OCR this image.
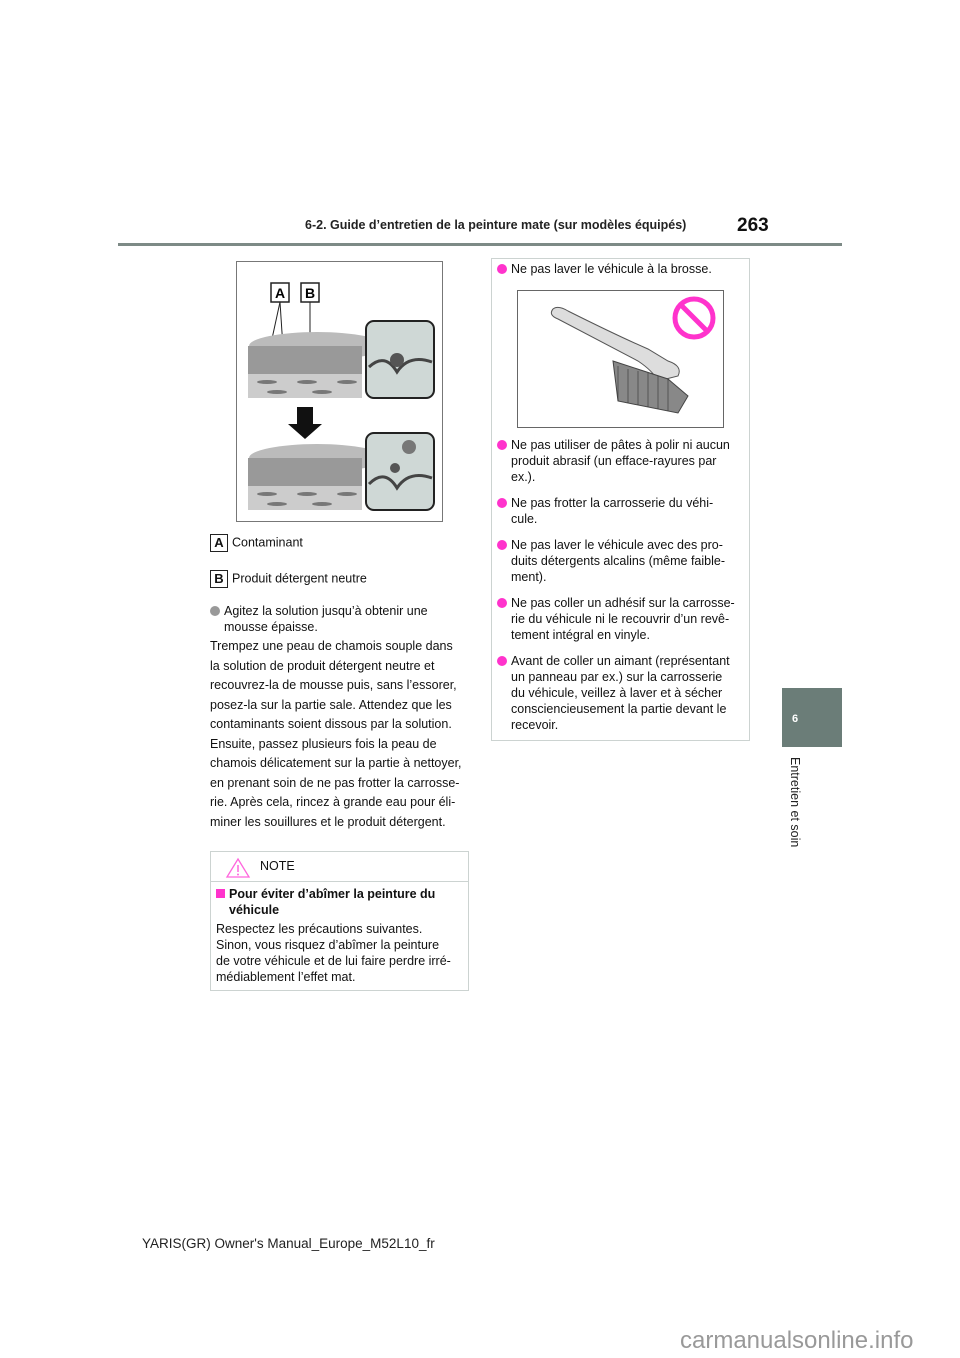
6-2. Guide d’entretien de la peinture mate (sur modèles équipés)	263
6
Entretien et soin
A B
A Contaminant
B Produit détergent neutre
Agitez la solution jusqu’à obtenir une
mousse épaisse.
Trempez une peau de chamois souple dans
la solution de produit détergent neutre et
recouvrez-la de mousse puis, sans l’essorer,
posez-la sur la partie sale. Attendez que les
contaminants soient dissous par la solution.
Ensuite, passez plusieurs fois la peau de
chamois délicatement sur la partie à nettoyer,
en prenant soin de ne pas frotter la carrosse-
rie. Après cela, rincez à grande eau pour éli-
miner les souillures et le produit détergent.
NOTE
Pour éviter d’abîmer la peinture du
véhicule
Respectez les précautions suivantes.
Sinon, vous risquez d’abîmer la peinture
de votre véhicule et de lui faire perdre irré-
médiablement l’effet mat.
Ne pas laver le véhicule à la brosse.
Ne pas utiliser de pâtes à polir ni aucun
produit abrasif (un efface-rayures par
ex.).
Ne pas frotter la carrosserie du véhi-
cule.
Ne pas laver le véhicule avec des pro-
duits détergents alcalins (même faible-
ment).
Ne pas coller un adhésif sur la carrosse-
rie du véhicule ni le recouvrir d’un revê-
tement intégral en vinyle.
Avant de coller un aimant (représentant
un panneau par ex.) sur la carrosserie
du véhicule, veillez à laver et à sécher
consciencieusement la partie devant le
recevoir.
YARIS(GR) Owner's Manual_Europe_M52L10_fr
carmanualsonline.info
